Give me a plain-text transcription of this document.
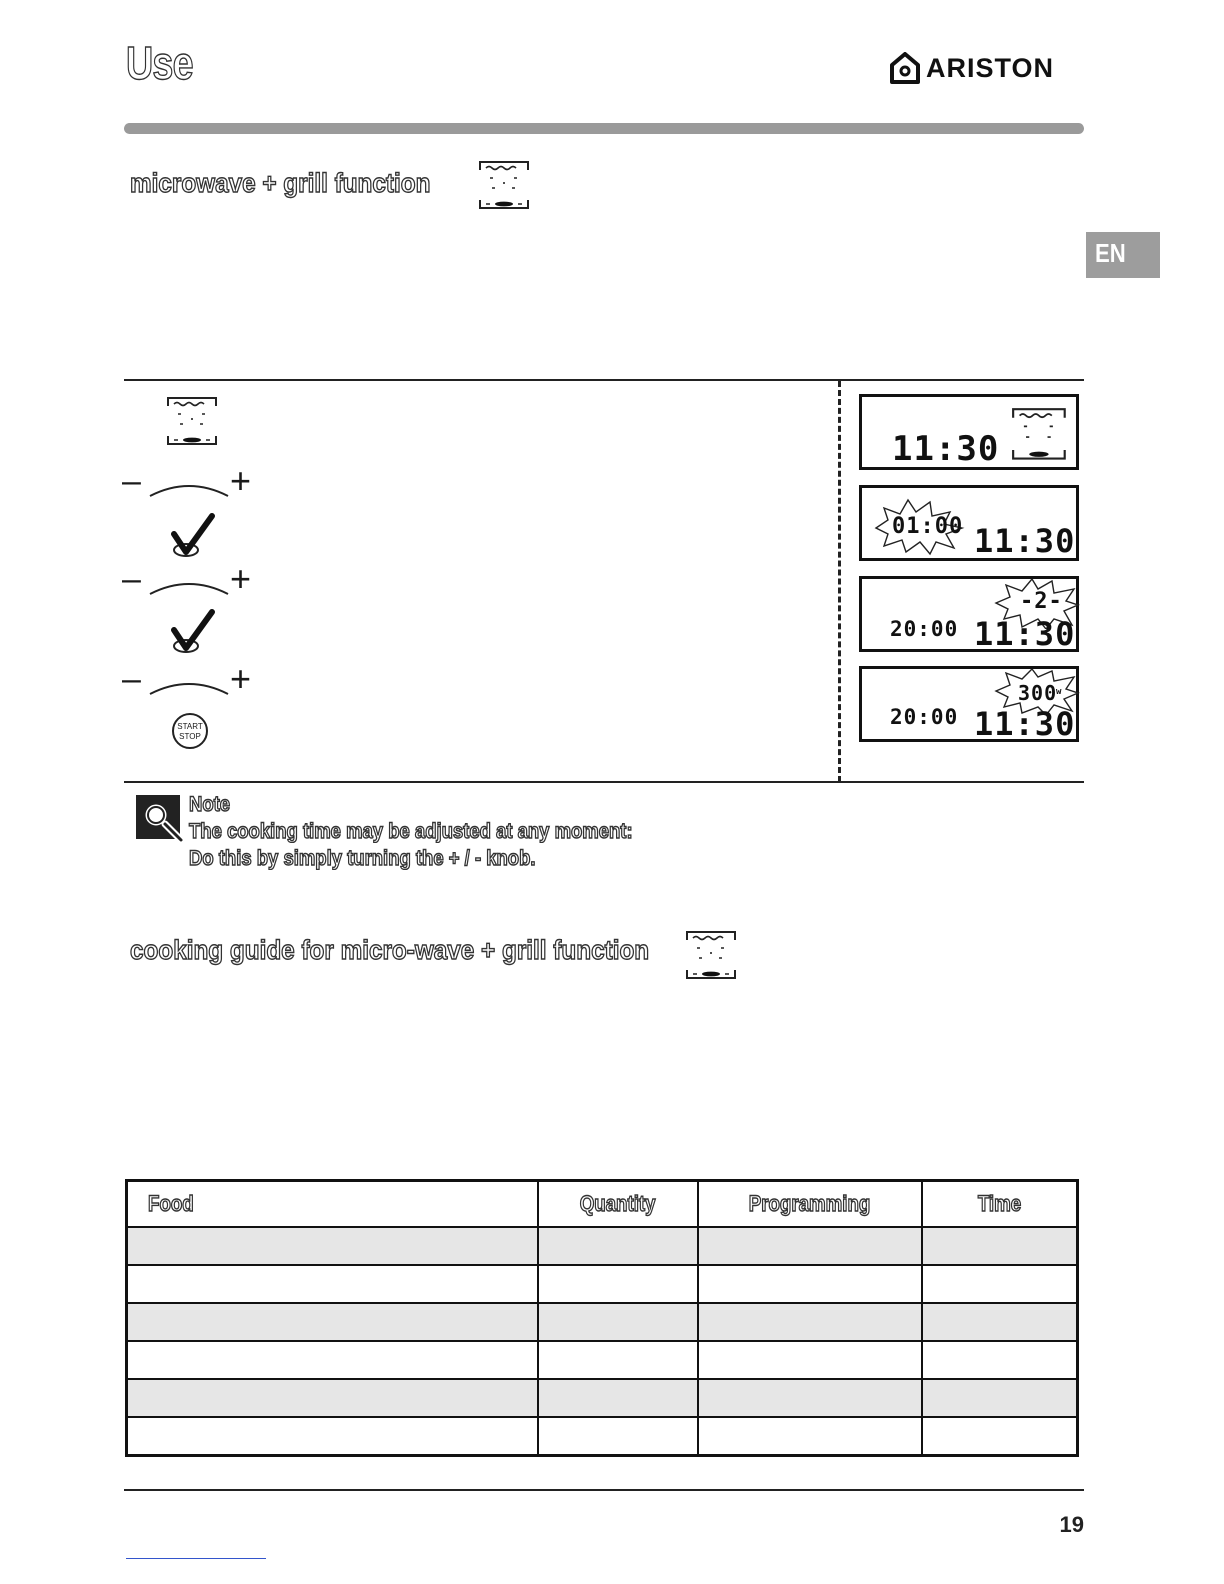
Use	ARISTON
EN
microwave + grill function
– +
– +
– +
START
STOP
11:30
01:00 11:30
-2-
20:00 11:30
300
w
20:00 11:30
Note
The cooking time may be adjusted at any moment:
Do this by simply turning the + / - knob.
cooking guide for micro-wave + grill function
Food	Quantity	Programming	Time

19
